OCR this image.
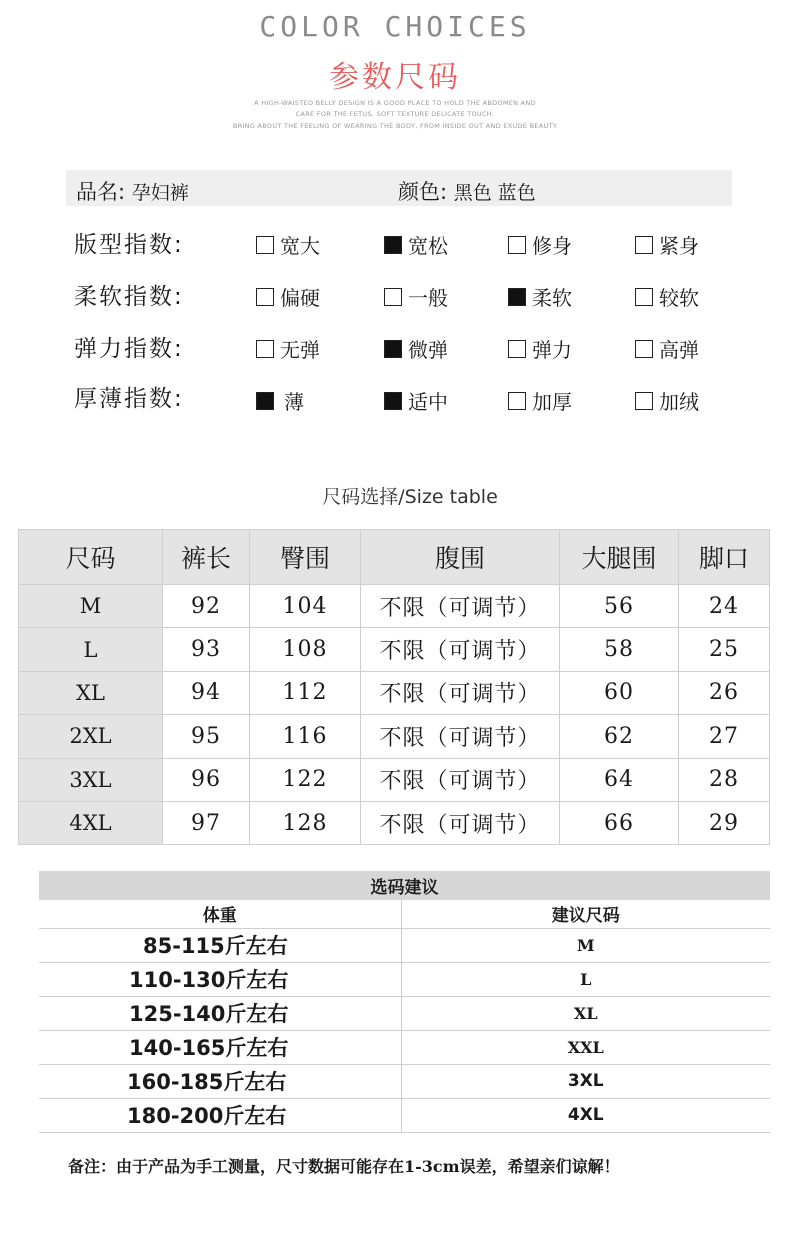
COLOR CHOICES
参数尺码
A HIGH-WAISTED BELLY DESIGN IS A GOOD PLACE TO HOLD THE ABDOMEN AND
CARE FOR THE FETUS, SOFT TEXTURE DELICATE TOUCH,
BRING ABOUT THE FEELING OF WEARING THE BODY, FROM INSIDE OUT AND EXUDE BEAUTY
品名: 孕妇裤	颜色: 黑色 蓝色
版型指数:	宽大	宽松	修身	紧身
柔软指数:	偏硬	一般	柔软	较软
弹力指数:	无弹	微弹	弹力	高弹
厚薄指数:	薄	适中	加厚	加绒
尺码选择/Size table
尺码	裤长	臀围	腹围	大腿围	脚口
M	92	104	不限（可调节）	56	24
L	93	108	不限（可调节）	58	25
XL	94	112	不限（可调节）	60	26
2XL	95	116	不限（可调节）	62	27
3XL	96	122	不限（可调节）	64	28
4XL	97	128	不限（可调节）	66	29
选码建议	
体重	建议尺码
85-115斤左右	M
110-130斤左右	L
125-140斤左右	XL
140-165斤左右	XXL
160-185斤左右	3XL
180-200斤左右	4XL
备注：由于产品为手工测量，尺寸数据可能存在1-3cm误差，希望亲们谅解！
